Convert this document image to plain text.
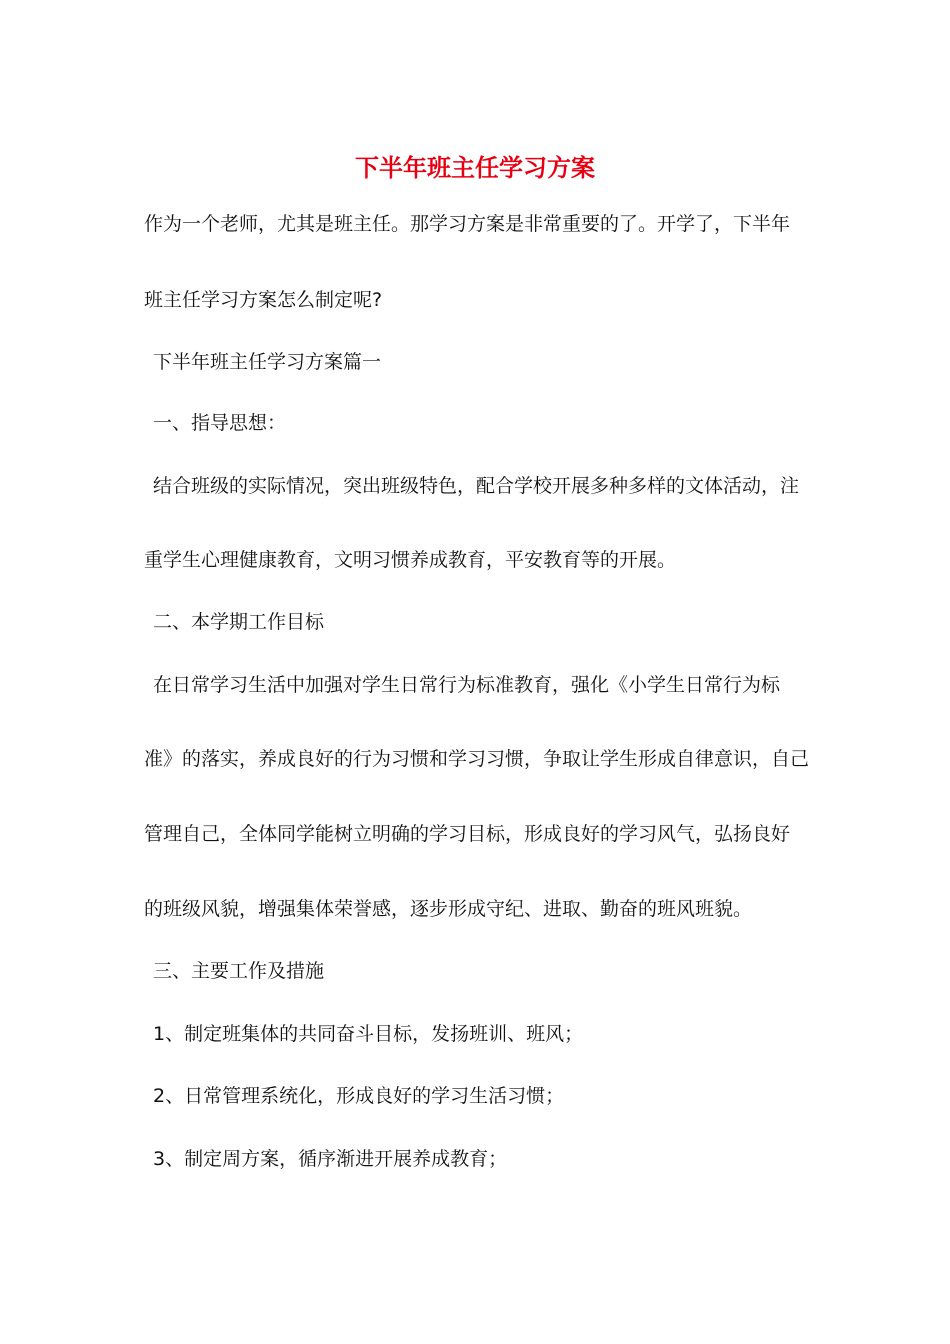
下半年班主任学习方案
作为一个老师，尤其是班主任。那学习方案是非常重要的了。开学了，下半年
班主任学习方案怎么制定呢?
下半年班主任学习方案篇一
一、指导思想：
结合班级的实际情况，突出班级特色，配合学校开展多种多样的文体活动，注
重学生心理健康教育，文明习惯养成教育，平安教育等的开展。
二、本学期工作目标
在日常学习生活中加强对学生日常行为标准教育，强化《小学生日常行为标
准》的落实，养成良好的行为习惯和学习习惯，争取让学生形成自律意识，自己
管理自己，全体同学能树立明确的学习目标，形成良好的学习风气，弘扬良好
的班级风貌，增强集体荣誉感，逐步形成守纪、进取、勤奋的班风班貌。
三、主要工作及措施
1、制定班集体的共同奋斗目标，发扬班训、班风；
2、日常管理系统化，形成良好的学习生活习惯；
3、制定周方案，循序渐进开展养成教育；
